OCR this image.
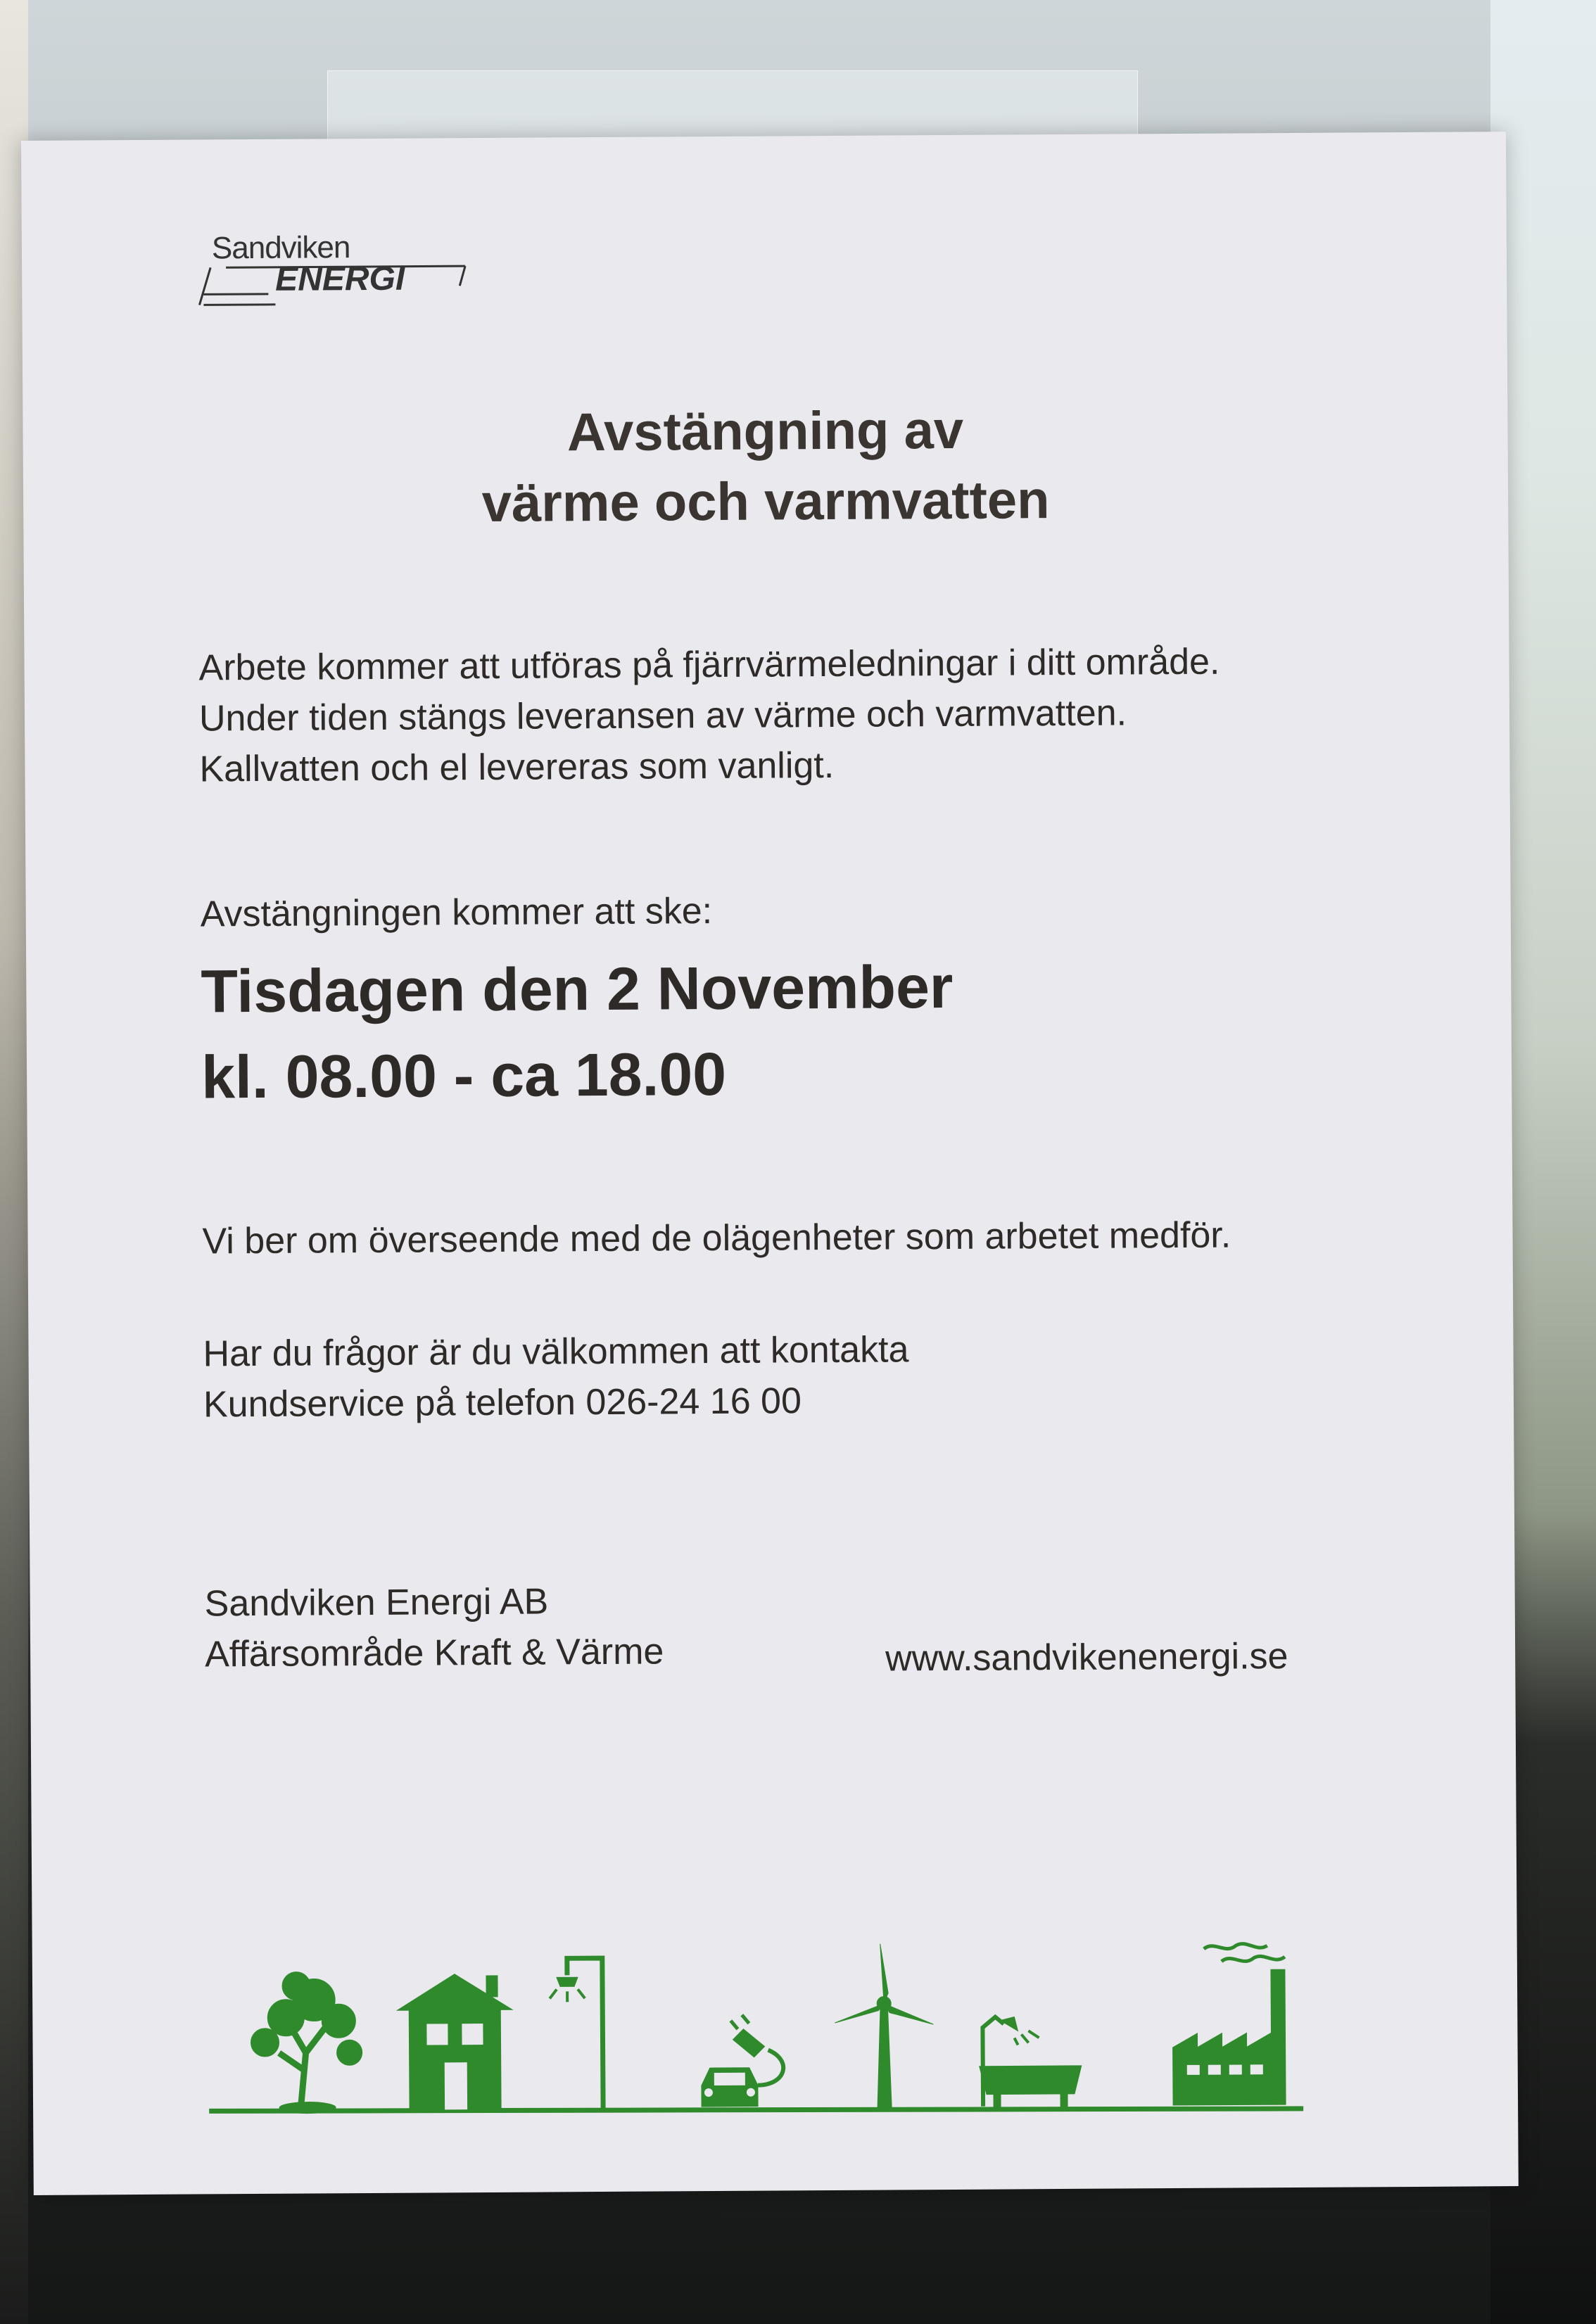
Sandviken
ENERGI
Avstängning av
värme och varmvatten
Arbete kommer att utföras på fjärrvärmeledningar i ditt område.
Under tiden stängs leveransen av värme och varmvatten.
Kallvatten och el levereras som vanligt.
Avstängningen kommer att ske:
Tisdagen den 2 November
kl. 08.00 - ca 18.00
Vi ber om överseende med de olägenheter som arbetet medför.
Har du frågor är du välkommen att kontakta
Kundservice på telefon 026-24 16 00
Sandviken Energi AB
Affärsområde Kraft & Värme	www.sandvikenenergi.se
